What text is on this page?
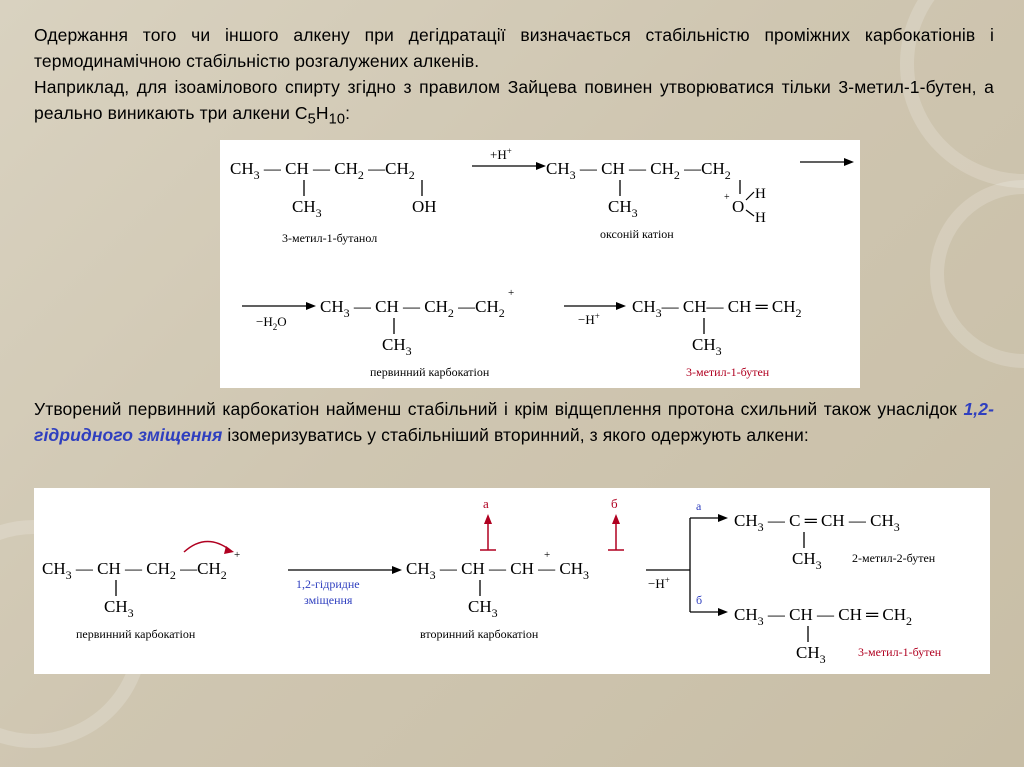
Одержання того чи іншого алкену при дегідратації визначається стабільністю проміжних карбокатіонів і термодинамічною стабільністю розгалужених алкенів.
Наприклад, для ізоамілового спирту згідно з правилом Зайцева повинен утворюватися тільки 3-метил-1-бутен, а реально виникають три алкени $C_5H_{10}$:
$CH_3$ — CH — $CH_2$ $—CH_2$
$CH_3$	OH
3-метил-1-бутанол
+H+
$CH_3$ — CH — $CH_2$ $—CH_2$
$CH_3$
+ O
H
H
оксоній катіон
$-H_2O$
$CH_3$ — CH — $CH_2$ $—CH_2$
+
$CH_3$
первинний карбокатіон
−H+ $CH_3—$ CH— CH ═ $CH_2$
$CH_3$
3-метил-1-бутен
Утворений первинний карбокатіон найменш стабільний і крім відщеплення протона схильний також унаслідок 1,2-гідридного зміщення ізомеризуватись у стабільніший вторинний, з якого одержують алкени:
$CH_3$ — CH — $CH_2$ $—CH_2$
+
$CH_3$
первинний карбокатіон
1,2-гідридне
зміщення
$CH_3$ — CH — CH — $CH_3$
+
$CH_3$
вторинний карбокатіон
а	б
−H+
а
б
$CH_3$ — C ═ CH — $CH_3$
$CH_3$	2-метил-2-бутен
$CH_3$ — CH — CH ═ $CH_2$
$CH_3$	3-метил-1-бутен
